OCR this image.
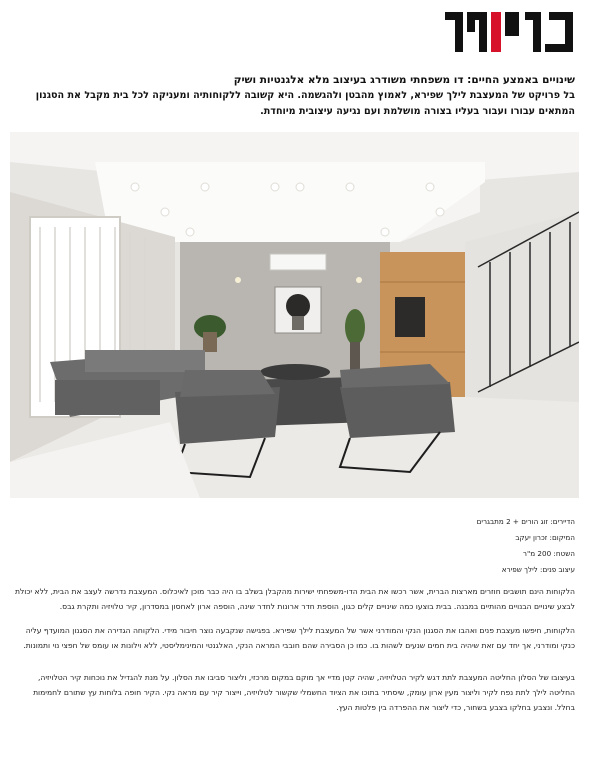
שינויים באמצע החיים: דו משפחתי משודרג בעיצוב מלא אלגנטיות ושיק
בל פרויקט של המעצבת לילך שפירא, לאמוץ מהבטן ולהגשמה. היא קשובה ללקוחותיה ומעניקה לכל בית מקבל את הסגנון המתאים עבורו ועבור בעליו בצורה מושלמת ועם נגיעה עיצובית מיוחדת.
הדיירים: זוג הורים + 2 מתבגרים
המיקום: זכרון יעקב
השטח: 200 מ"ר
עיצוב פנים: לילך שפירא

הלקוחות הינם תושבים חוזרים מארצות הברית, אשר רכשו את הבית הדו-משפחתי ישירות מהקבלן בשלב בו היה כבר מוכן לאיכלוס. המעצבת נדרשה לעצב את הבית, ללא יכולת לבצע שינויים הבנויים מהותיים במבנה. בבית בוצעו כמה שינויים קלים כגון, הוספת חדר ארונות לחדר שינה, הוספה ארון לאחסון במסדרון, קיר טלויזיה ותקרת גבס.

הלקוחות, חיפשו מעצבת פנים ואהבו את הסגנון הנקי והמודרני אשר של המעצבת לילך שפירא. בפגישה שנקבעה נוצר חיבור מידי. הלקוחה הגדירה את הסגנון המועדף עליה כנקי ומודרני, אך יחד עם זאת שיהיה בית חמים שנעים לשהות בו. כמו כן הסבירה שהם חובבי המראה הנקי, האלגנטי והמינימליסטי, ללא וילונות או עומס של חפצי נוי ותמונות.

בעיצובו של הסלון החליטה המעצבת לתת דגש לקיר הטלויזיה, שהיה קטן מדיי אך מוקם במקום מרכזי, וליצור סביבו את הסלון. על מנת להגדיל את נוכחות קיר הטלויזיה, החליטה לילך לתת נפח לקיר וליצור מעין ארון עומק, שיסתיר בתוכו את הציוד החשמלי שקשור לטלויזיה, וייצור קיר עם מראה נקי. הקיר חופה בלוחות עץ שתורם לחמימות בחלל. ונצבע בחלקו בצבע בשחור, כדי ליצור את ההפרדה בין פלטות העץ.
